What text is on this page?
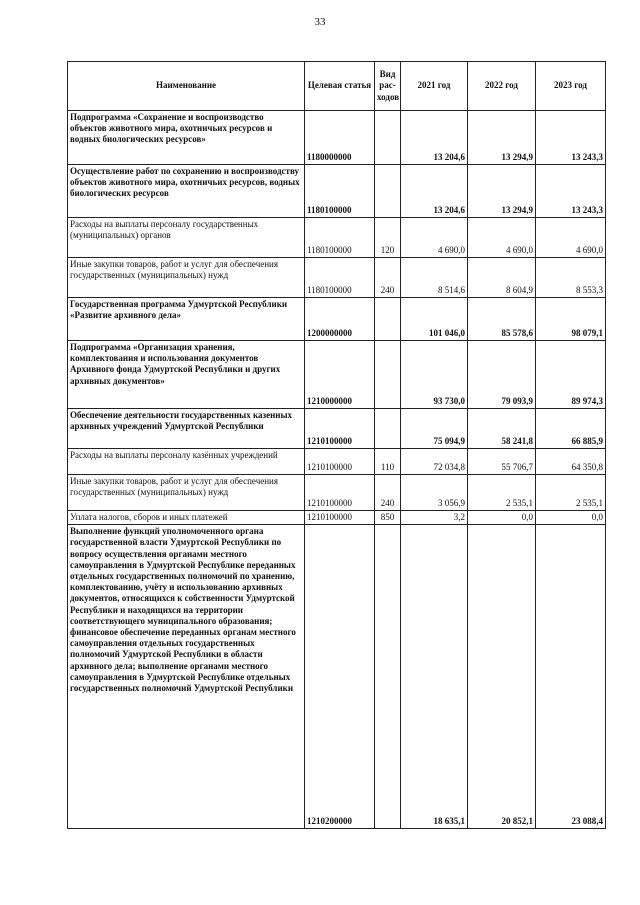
33
Наименование	Целевая статья	Вид рас-ходов	2021 год	2022 год	2023 год
Подпрограмма «Сохранение и воспроизводство объектов животного мира, охотничьих ресурсов и водных биологических ресурсов»	1180000000		13 204,6	13 294,9	13 243,3
Осуществление работ по сохранению и воспроизводству объектов животного мира, охотничьих ресурсов, водных биологических ресурсов	1180100000		13 204,6	13 294,9	13 243,3
Расходы на выплаты персоналу государственных (муниципальных) органов	1180100000	120	4 690,0	4 690,0	4 690,0
Иные закупки товаров, работ и услуг для обеспечения государственных (муниципальных) нужд	1180100000	240	8 514,6	8 604,9	8 553,3
Государственная программа Удмуртской Республики «Развитие архивного дела»	1200000000		101 046,0	85 578,6	98 079,1
Подпрограмма «Организация хранения, комплектования и использования документов Архивного фонда Удмуртской Республики и других архивных документов»	1210000000		93 730,0	79 093,9	89 974,3
Обеспечение деятельности государственных казенных архивных учреждений Удмуртской Республики	1210100000		75 094,9	58 241,8	66 885,9
Расходы на выплаты персоналу казённых учреждений	1210100000	110	72 034,8	55 706,7	64 350,8
Иные закупки товаров, работ и услуг для обеспечения государственных (муниципальных) нужд	1210100000	240	3 056,9	2 535,1	2 535,1
Уплата налогов, сборов и иных платежей	1210100000	850	3,2	0,0	0,0
Выполнение функций уполномоченного органа государственной власти Удмуртской Республики по вопросу осуществления органами местного самоуправления в Удмуртской Республике переданных отдельных государственных полномочий по хранению, комплектованию, учёту и использованию архивных документов, относящихся к собственности Удмуртской Республики и находящихся на территории соответствующего муниципального образования; финансовое обеспечение переданных органам местного самоуправления отдельных государственных полномочий Удмуртской Республики в области архивного дела; выполнение органами местного самоуправления в Удмуртской Республике отдельных государственных полномочий Удмуртской Республики	1210200000		18 635,1	20 852,1	23 088,4
